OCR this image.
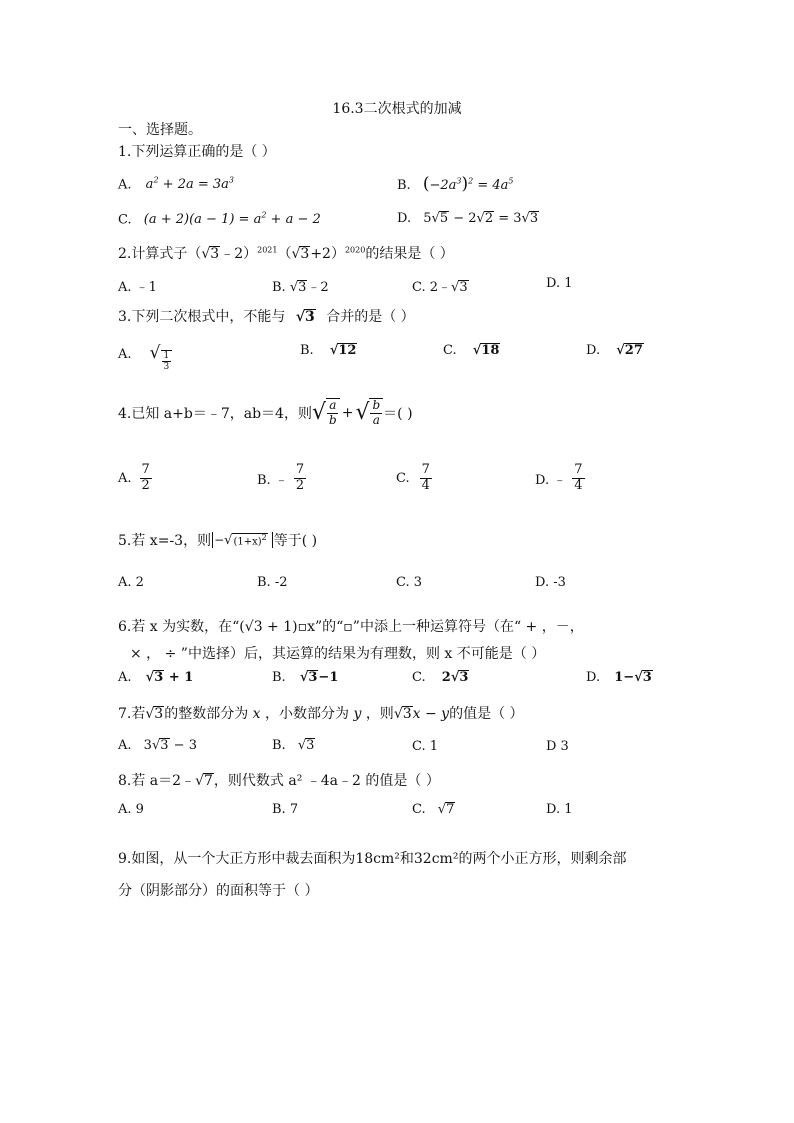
16.3二次根式的加减
一、选择题。
1.下列运算正确的是（ ）
A. $a^2 + 2a = 3a^3$	B. $(-2a^3)^2 = 4a^5$
C. $(a + 2)(a - 1) = a^2 + a - 2$	D. 5√5 − 2√2 = 3√3
2.计算式子$(√3﹣2)^{2021}(√3+2)^{2020}$的结果是（ ）
A. ﹣1	B. √3﹣2	C. 2﹣√3	D. 1
3.下列二次根式中，不能与 √3 合并的是（ ）
A. √ $\frac{1}{3}$
B. √12	C. √18	D. √27
4.已知 a+b＝﹣7，ab＝4，则 √ $\frac{a}{b}$ + √ $\frac{b}{a}$ ＝( )
A. $\frac{7}{2}$	B. ﹣ $\frac{7}{2}$	C. $\frac{7}{4}$	D. ﹣ $\frac{7}{4}$
5.若 x=-3，则 − √ $(1+x)^2$ 等于( )
A. 2	B. -2	C. 3	D. -3
6.若 x 为实数，在“(√3 + 1)▫x”的“▫”中添上一种运算符号（在“ + ，－，
× ， ÷ ”中选择）后，其运算的结果为有理数，则 x 不可能是（ ）
A. √3 + 1	B. √3−1	C. 2√3	D. 1−√3
7.若√3的整数部分为 x ，小数部分为 y ，则√3x − y的值是（ ）
A. 3√3 − 3	B. √3	C. 1	D 3
8.若 a＝2﹣√7，则代数式 a² ﹣4a﹣2 的值是（ ）
A. 9	B. 7	C. √7	D. 1
9.如图，从一个大正方形中裁去面积为18cm²和32cm²的两个小正方形，则剩余部
分（阴影部分）的面积等于（ ）
